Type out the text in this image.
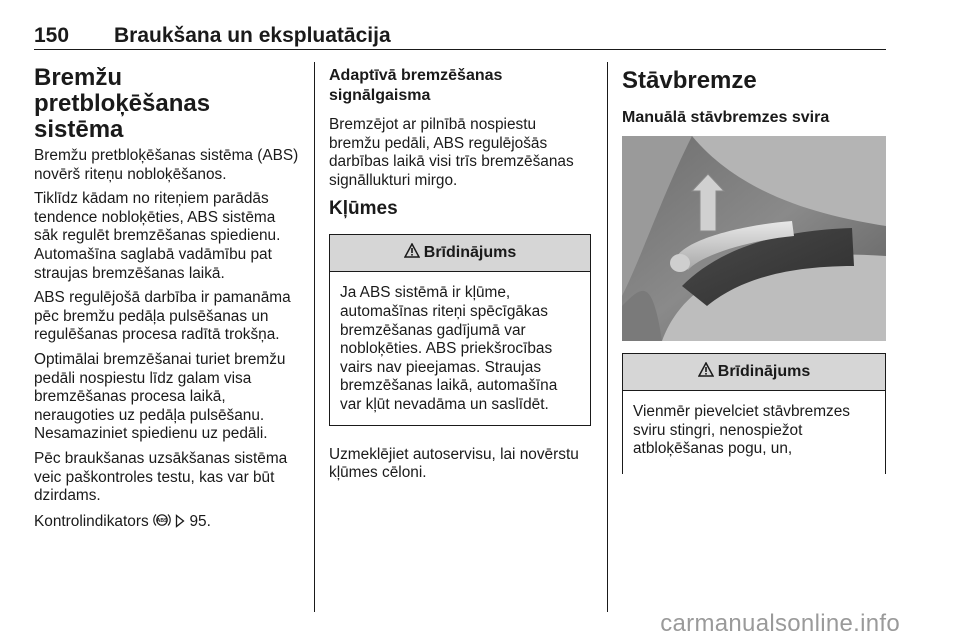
150 Braukšana un ekspluatācija
Bremžu pretbloķēšanas sistēma

Bremžu pretbloķēšanas sistēma (ABS) novērš riteņu nobloķēšanos.

Tiklīdz kādam no riteņiem parādās tendence nobloķēties, ABS sistēma sāk regulēt bremzēšanas spiedienu. Automašīna saglabā vadāmību pat straujas bremzēšanas laikā.

ABS regulējošā darbība ir pamanāma pēc bremžu pedāļa pulsēšanas un regulēšanas procesa radītā trokšņa.

Optimālai bremzēšanai turiet bremžu pedāli nospiestu līdz galam visa bremzēšanas procesa laikā, neraugoties uz pedāļa pulsēšanu. Nesamaziniet spiedienu uz pedāli.

Pēc braukšanas uzsākšanas sistēma veic paškontroles testu, kas var būt dzirdams.

Kontrolindikators ABS 95.

Adaptīvā bremzēšanas signālgaisma

Bremzējot ar pilnībā nospiestu bremžu pedāli, ABS regulējošās darbības laikā visi trīs bremzēšanas signāllukturi mirgo.

Kļūmes
Brīdinājums
Ja ABS sistēmā ir kļūme, automašīnas riteņi spēcīgākas bremzēšanas gadījumā var nobloķēties. ABS priekšrocības vairs nav pieejamas. Straujas bremzēšanas laikā, automašīna var kļūt nevadāma un saslīdēt.

Uzmeklējiet autoservisu, lai novērstu kļūmes cēloni.

Stāvbremze
Manuālā stāvbremzes svira
Brīdinājums
Vienmēr pievelciet stāvbremzes sviru stingri, nenospiežot atbloķēšanas pogu, un,
carmanualsonline.info
